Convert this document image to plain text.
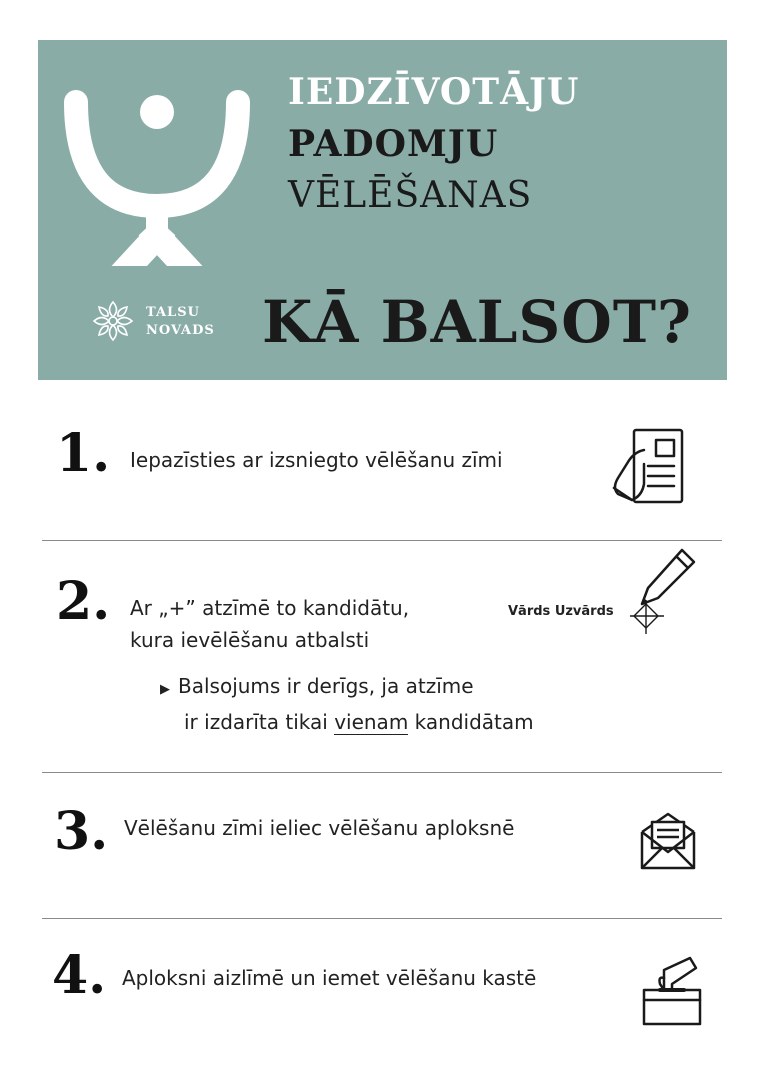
IEDZĪVOTĀJU
PADOMJU
VĒLĒŠANAS
TALSU
NOVADS KĀ BALSOT?
1. Iepazīsties ar izsniegto vēlēšanu zīmi
2. Ar „+” atzīmē to kandidātu,
kura ievēlēšanu atbalsti
Vārds Uzvārds
▶ Balsojums ir derīgs, ja atzīme
ir izdarīta tikai vienam kandidātam
3. Vēlēšanu zīmi ieliec vēlēšanu aploksnē
4. Aploksni aizlīmē un iemet vēlēšanu kastē
